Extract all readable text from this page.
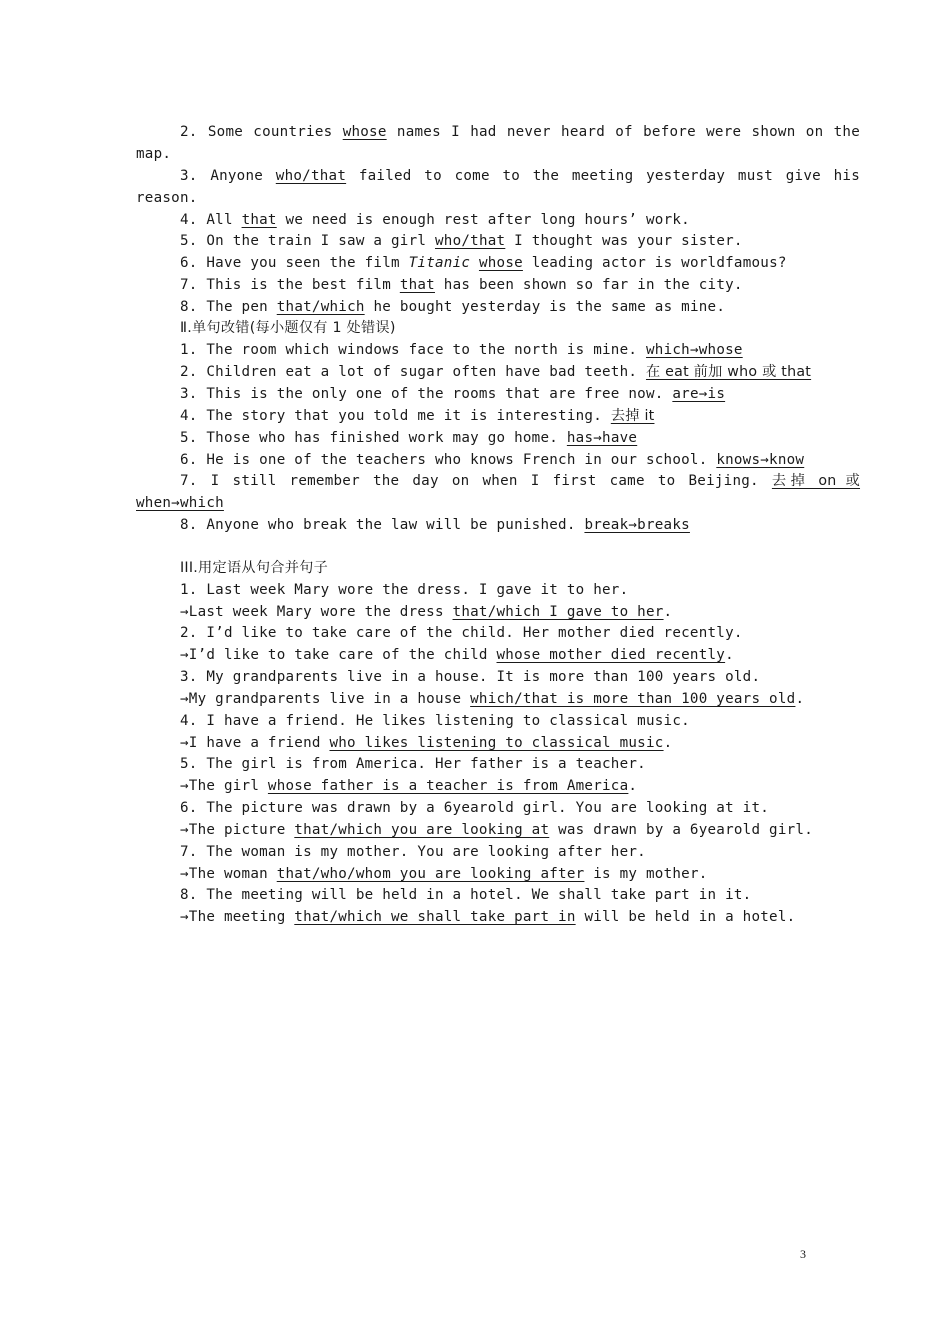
2. Some countries whose names I had never heard of before were shown on the
map.
3. Anyone who/that failed to come to the meeting yesterday must give his
reason.
4. All that we need is enough rest after long hours’ work.
5. On the train I saw a girl who/that I thought was your sister.
6. Have you seen the film Titanic whose leading actor is worldfamous?
7. This is the best film that has been shown so far in the city.
8. The pen that/which he bought yesterday is the same as mine.
Ⅱ.单句改错(每小题仅有 1 处错误)
1. The room which windows face to the north is mine. which→whose
2. Children eat a lot of sugar often have bad teeth. 在 eat 前加 who 或 that
3. This is the only one of the rooms that are free now. are→is
4. The story that you told me it is interesting. 去掉 it
5. Those who has finished work may go home. has→have
6. He is one of the teachers who knows French in our school. knows→know
7. I still remember the day on when I first came to Beijing. 去掉 on 或
when→which
8. Anyone who break the law will be punished. break→breaks
III.用定语从句合并句子
1. Last week Mary wore the dress. I gave it to her.
→Last week Mary wore the dress that/which I gave to her.
2. I’d like to take care of the child. Her mother died recently.
→I’d like to take care of the child whose mother died recently.
3. My grandparents live in a house. It is more than 100 years old.
→My grandparents live in a house which/that is more than 100 years old.
4. I have a friend. He likes listening to classical music.
→I have a friend who likes listening to classical music.
5. The girl is from America. Her father is a teacher.
→The girl whose father is a teacher is from America.
6. The picture was drawn by a 6yearold girl. You are looking at it.
→The picture that/which you are looking at was drawn by a 6yearold girl.
7. The woman is my mother. You are looking after her.
→The woman that/who/whom you are looking after is my mother.
8. The meeting will be held in a hotel. We shall take part in it.
→The meeting that/which we shall take part in will be held in a hotel.
3
